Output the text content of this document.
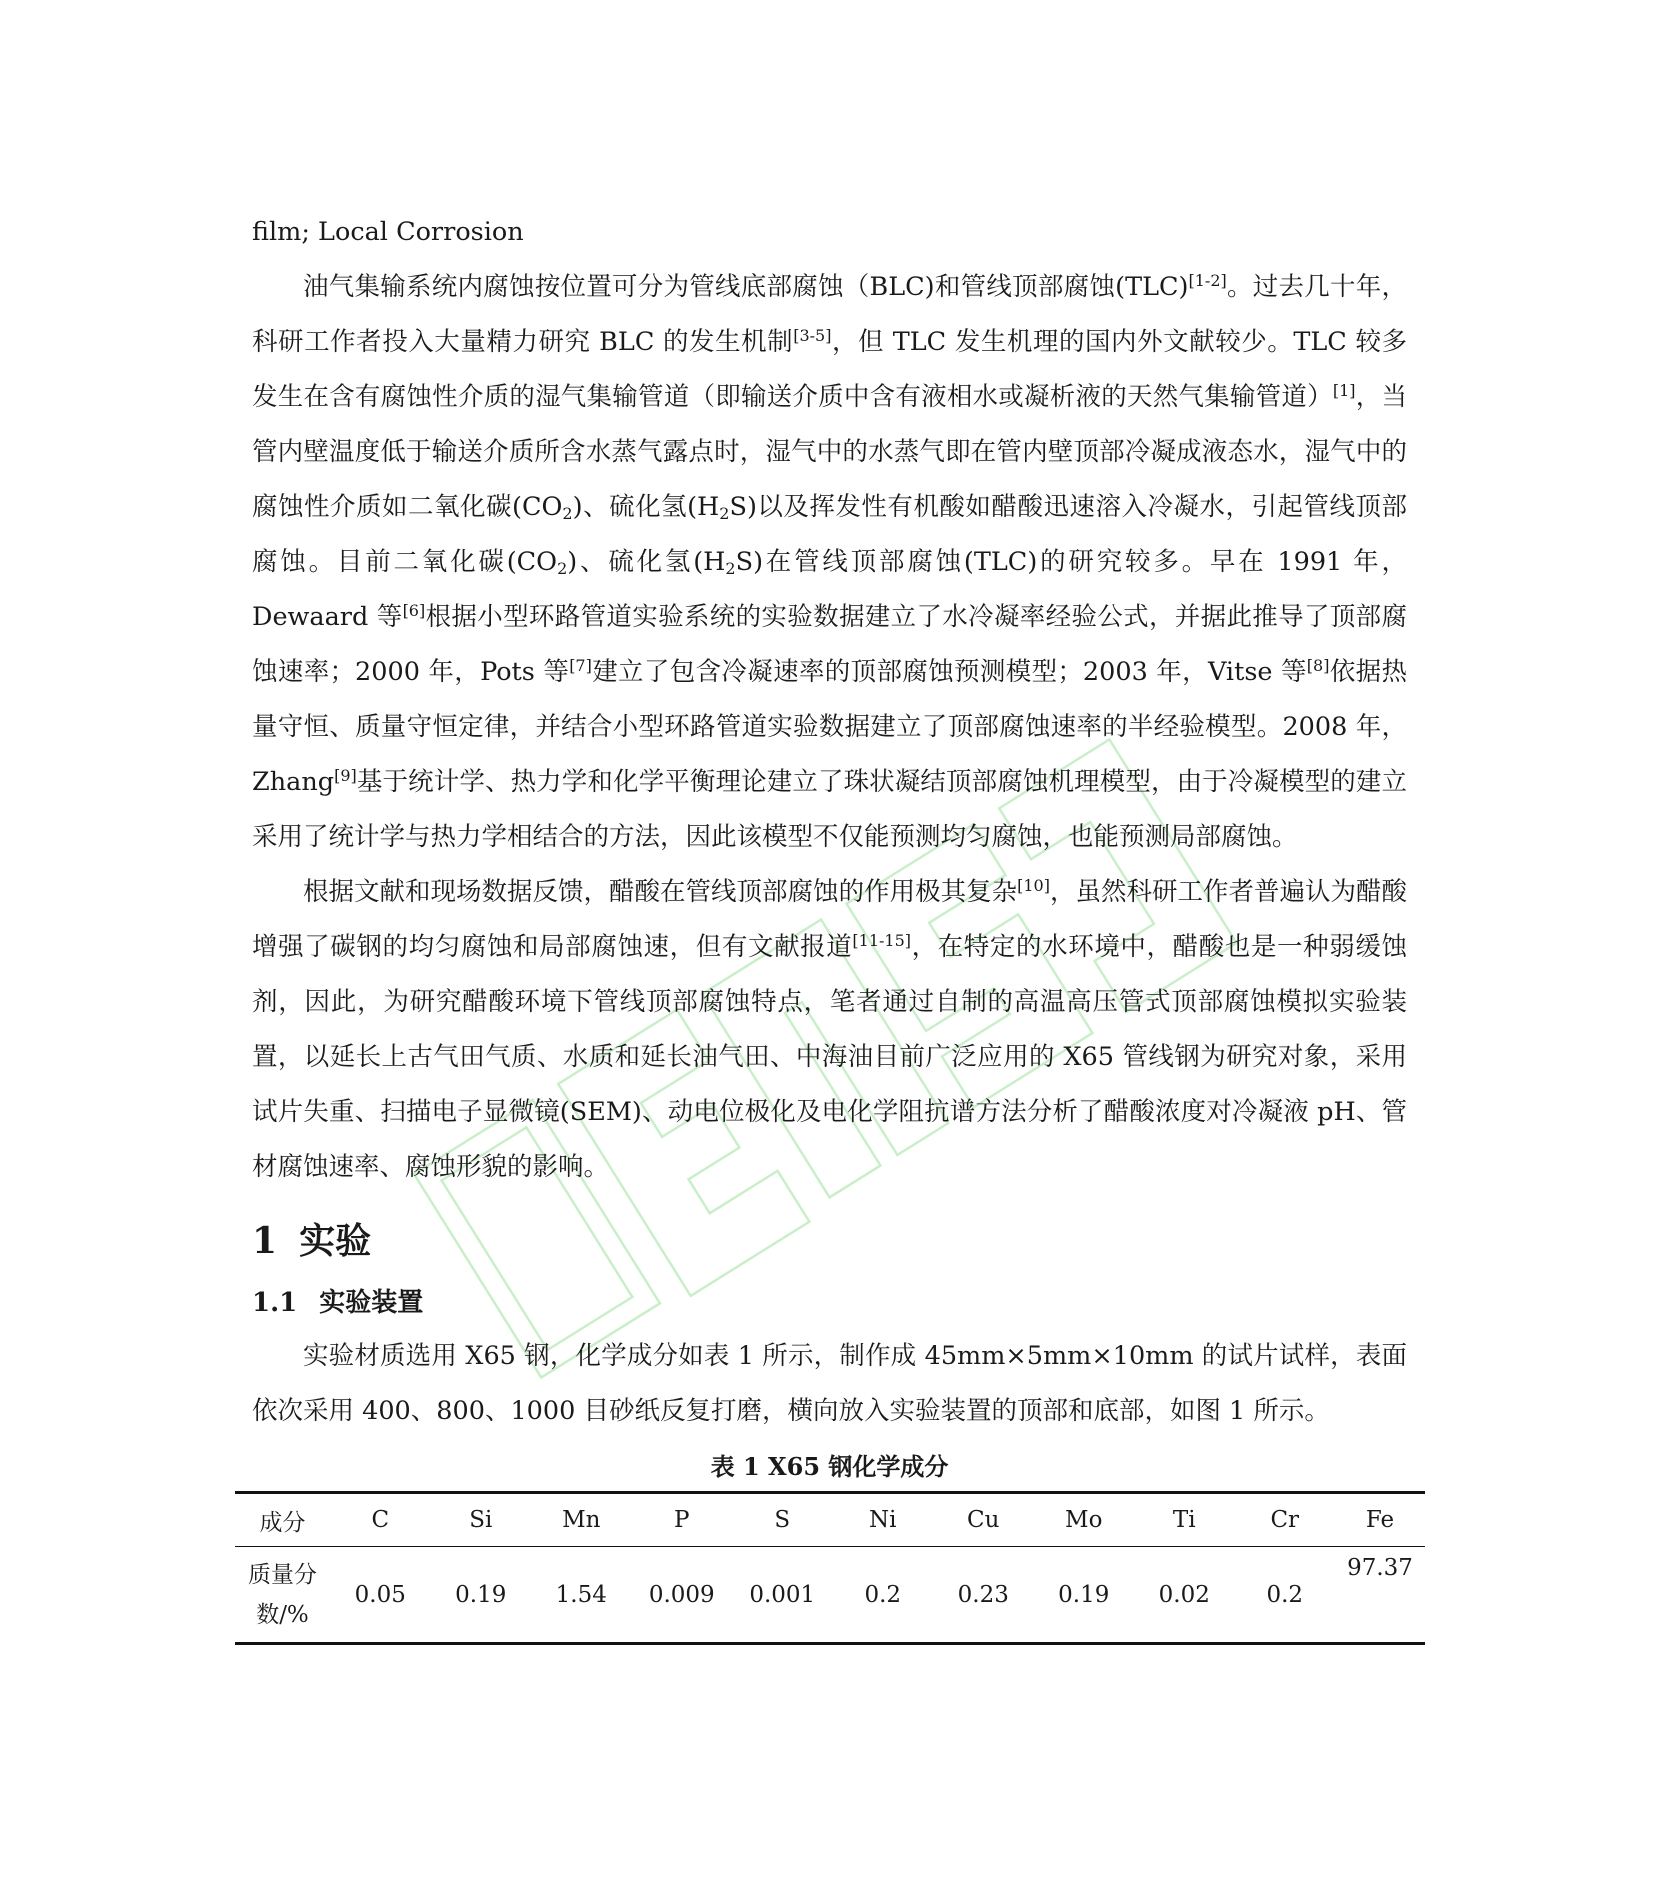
film; Local Corrosion

油气集输系统内腐蚀按位置可分为管线底部腐蚀（BLC)和管线顶部腐蚀(TLC)[1-2]。过去几十年，科研工作者投入大量精力研究 BLC 的发生机制[3-5]，但 TLC 发生机理的国内外文献较少。TLC 较多发生在含有腐蚀性介质的湿气集输管道（即输送介质中含有液相水或凝析液的天然气集输管道）[1]，当管内壁温度低于输送介质所含水蒸气露点时，湿气中的水蒸气即在管内壁顶部冷凝成液态水，湿气中的腐蚀性介质如二氧化碳$(CO_2)$、硫化氢$(H_2S)$以及挥发性有机酸如醋酸迅速溶入冷凝水，引起管线顶部腐蚀。目前二氧化碳$(CO_2)$、硫化氢$(H_2S)$在管线顶部腐蚀(TLC)的研究较多。早在 1991 年，Dewaard 等[6]根据小型环路管道实验系统的实验数据建立了水冷凝率经验公式，并据此推导了顶部腐蚀速率；2000 年，Pots 等[7]建立了包含冷凝速率的顶部腐蚀预测模型；2003 年，Vitse 等[8]依据热量守恒、质量守恒定律，并结合小型环路管道实验数据建立了顶部腐蚀速率的半经验模型。2008 年，Zhang[9]基于统计学、热力学和化学平衡理论建立了珠状凝结顶部腐蚀机理模型，由于冷凝模型的建立采用了统计学与热力学相结合的方法，因此该模型不仅能预测均匀腐蚀，也能预测局部腐蚀。

根据文献和现场数据反馈，醋酸在管线顶部腐蚀的作用极其复杂[10]，虽然科研工作者普遍认为醋酸增强了碳钢的均匀腐蚀和局部腐蚀速，但有文献报道[11-15]，在特定的水环境中，醋酸也是一种弱缓蚀剂，因此，为研究醋酸环境下管线顶部腐蚀特点，笔者通过自制的高温高压管式顶部腐蚀模拟实验装置，以延长上古气田气质、水质和延长油气田、中海油目前广泛应用的 X65 管线钢为研究对象，采用试片失重、扫描电子显微镜(SEM)、动电位极化及电化学阻抗谱方法分析了醋酸浓度对冷凝液 pH、管材腐蚀速率、腐蚀形貌的影响。

1 实验
1.1 实验装置

实验材质选用 X65 钢，化学成分如表 1 所示，制作成 45mm×5mm×10mm 的试片试样，表面依次采用 400、800、1000 目砂纸反复打磨，横向放入实验装置的顶部和底部，如图 1 所示。

表 1 X65 钢化学成分
成分	C	Si	Mn	P	S	Ni	Cu	Mo	Ti	Cr	Fe
质量分数/%	0.05	0.19	1.54	0.009	0.001	0.2	0.23	0.19	0.02	0.2	97.37
